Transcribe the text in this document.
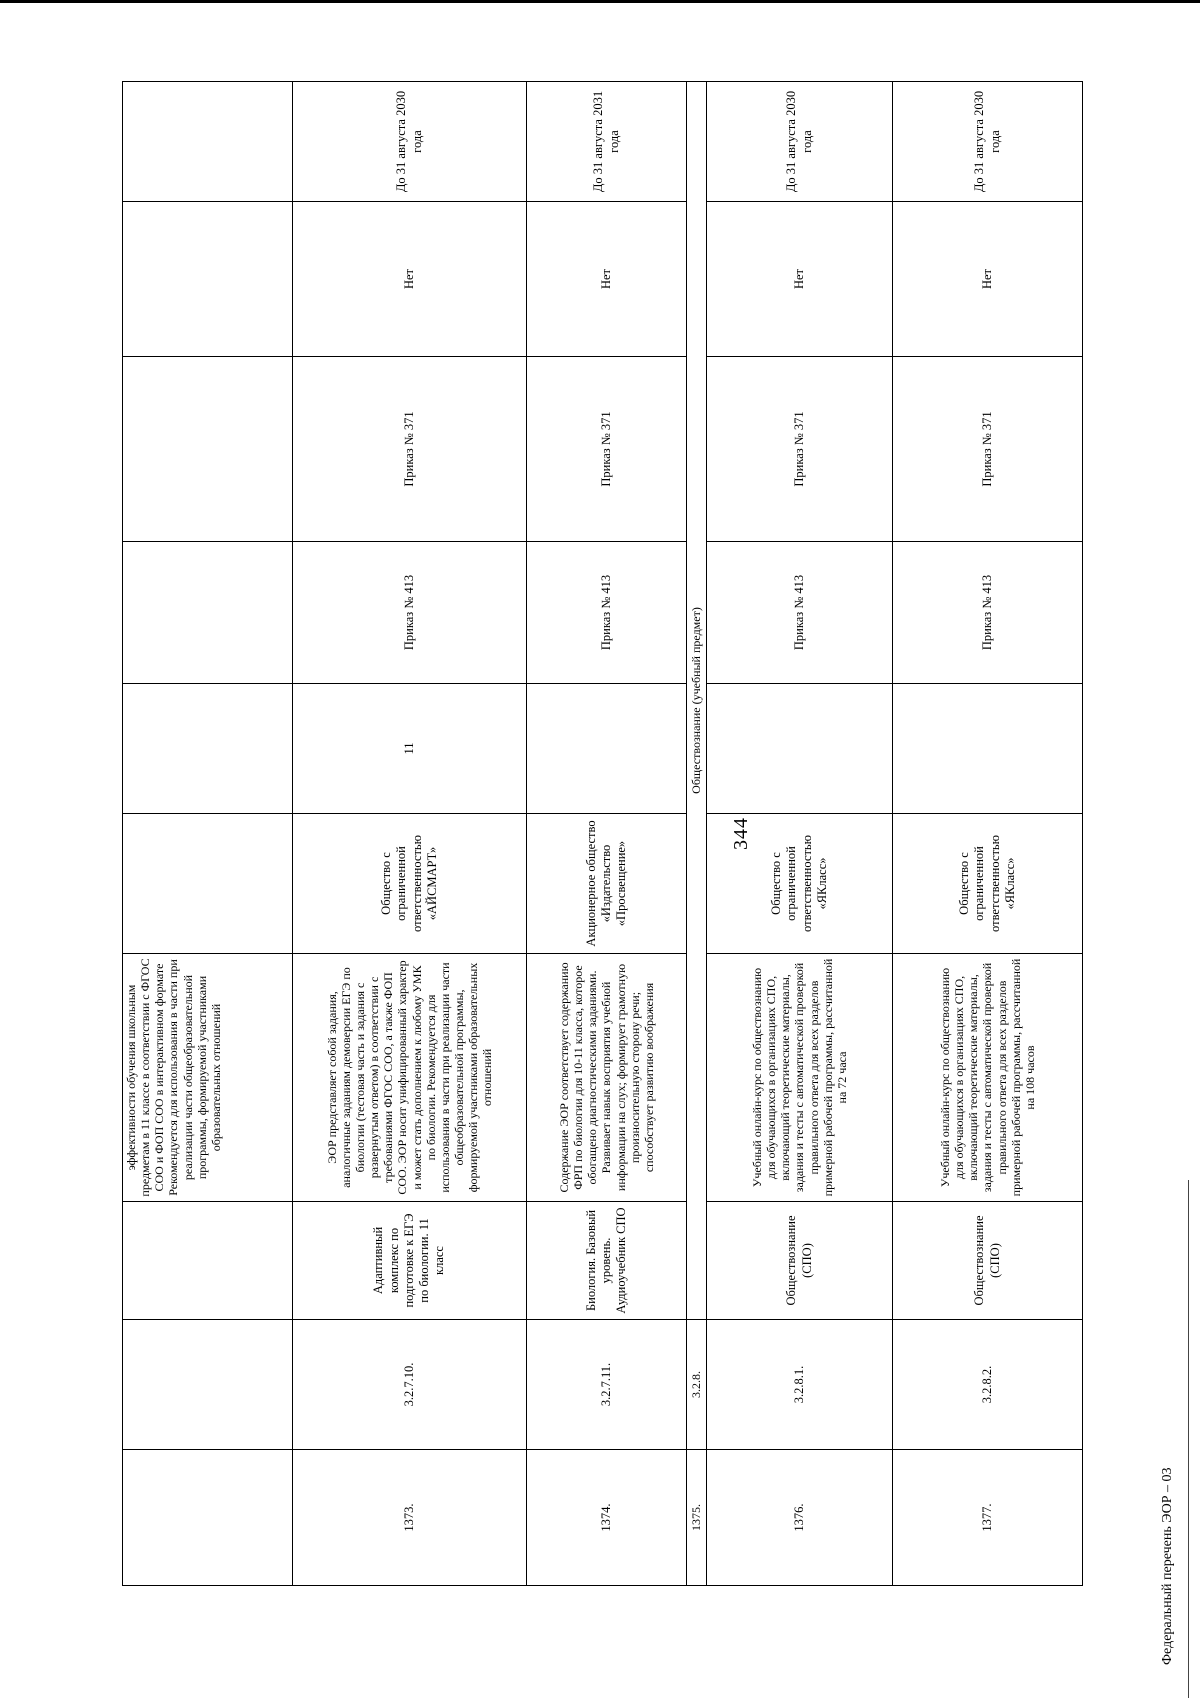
344
			эффективности обучения школьным предметам в 11 классе в соответствии с ФГОС СОО и ФОП СОО в интерактивном формате Рекомендуется для использования в части при реализации части общеобразовательной программы, формируемой участниками образовательных отношений						
1373.	3.2.7.10.	Адаптивный комплекс по подготовке к ЕГЭ по биологии. 11 класс	ЭОР представляет собой задания, аналогичные заданиям демоверсии ЕГЭ по биологии (тестовая часть и задания с развернутым ответом) в соответствии с требованиями ФГОС СОО, а также ФОП СОО. ЭОР носит унифицированный характер и может стать дополнением к любому УМК по биологии. Рекомендуется для использования в части при реализации части общеобразовательной программы, формируемой участниками образовательных отношений	Общество с ограниченной ответственностью «АЙСМАРТ»	11	Приказ № 413	Приказ № 371	Нет	До 31 августа 2030 года
1374.	3.2.7.11.	Биология. Базовый уровень. Аудиоучебник СПО	Содержание ЭОР соответствует содержанию ФРП по биологии для 10-11 класса, которое обогащено диагностическими заданиями. Развивает навык восприятия учебной информации на слух; формирует грамотную произносительную сторону речи; способствует развитию воображения	Акционерное общество «Издательство «Просвещение»		Приказ № 413	Приказ № 371	Нет	До 31 августа 2031 года
1375.	3.2.8.	Обществознание (учебный предмет)							
1376.	3.2.8.1.	Обществознание (СПО)	Учебный онлайн-курс по обществознанию для обучающихся в организациях СПО, включающий теоретические материалы, задания и тесты с автоматической проверкой правильного ответа для всех разделов примерной рабочей программы, рассчитанной на 72 часа	Общество с ограниченной ответственностью «ЯКласс»		Приказ № 413	Приказ № 371	Нет	До 31 августа 2030 года
1377.	3.2.8.2.	Обществознание (СПО)	Учебный онлайн-курс по обществознанию для обучающихся в организациях СПО, включающий теоретические материалы, задания и тесты с автоматической проверкой правильного ответа для всех разделов примерной рабочей программы, рассчитанной на 108 часов	Общество с ограниченной ответственностью «ЯКласс»		Приказ № 413	Приказ № 371	Нет	До 31 августа 2030 года
Федеральный перечень ЭОР – 03
